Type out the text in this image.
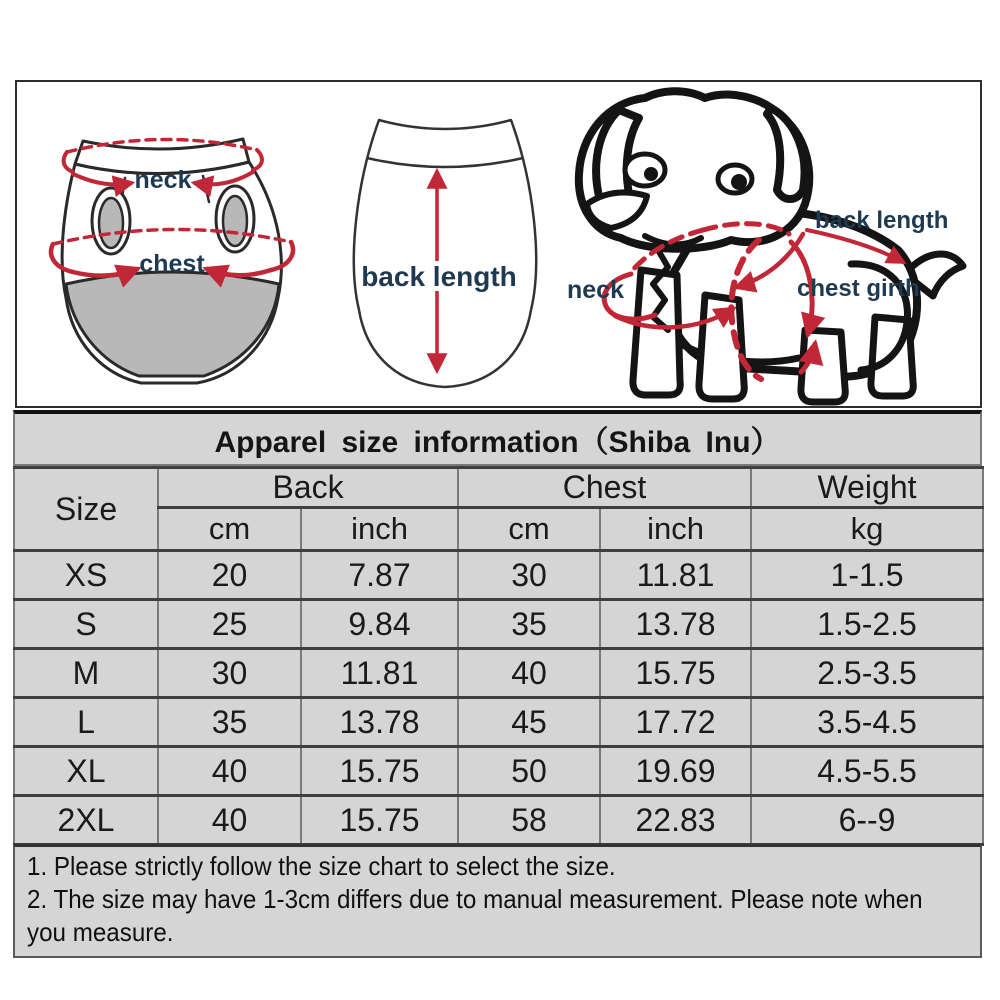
neck
chest	back length neck
back length
chest girth
Apparel size information（Shiba Inu）
Size	Back		Chest		Weight
	cm	inch	cm	inch	kg
XS	20	7.87	30	11.81	1-1.5
S	25	9.84	35	13.78	1.5-2.5
M	30	11.81	40	15.75	2.5-3.5
L	35	13.78	45	17.72	3.5-4.5
XL	40	15.75	50	19.69	4.5-5.5
2XL	40	15.75	58	22.83	6--9
1. Please strictly follow the size chart to select the size.
2. The size may have 1-3cm differs due to manual measurement. Please note when you measure.
